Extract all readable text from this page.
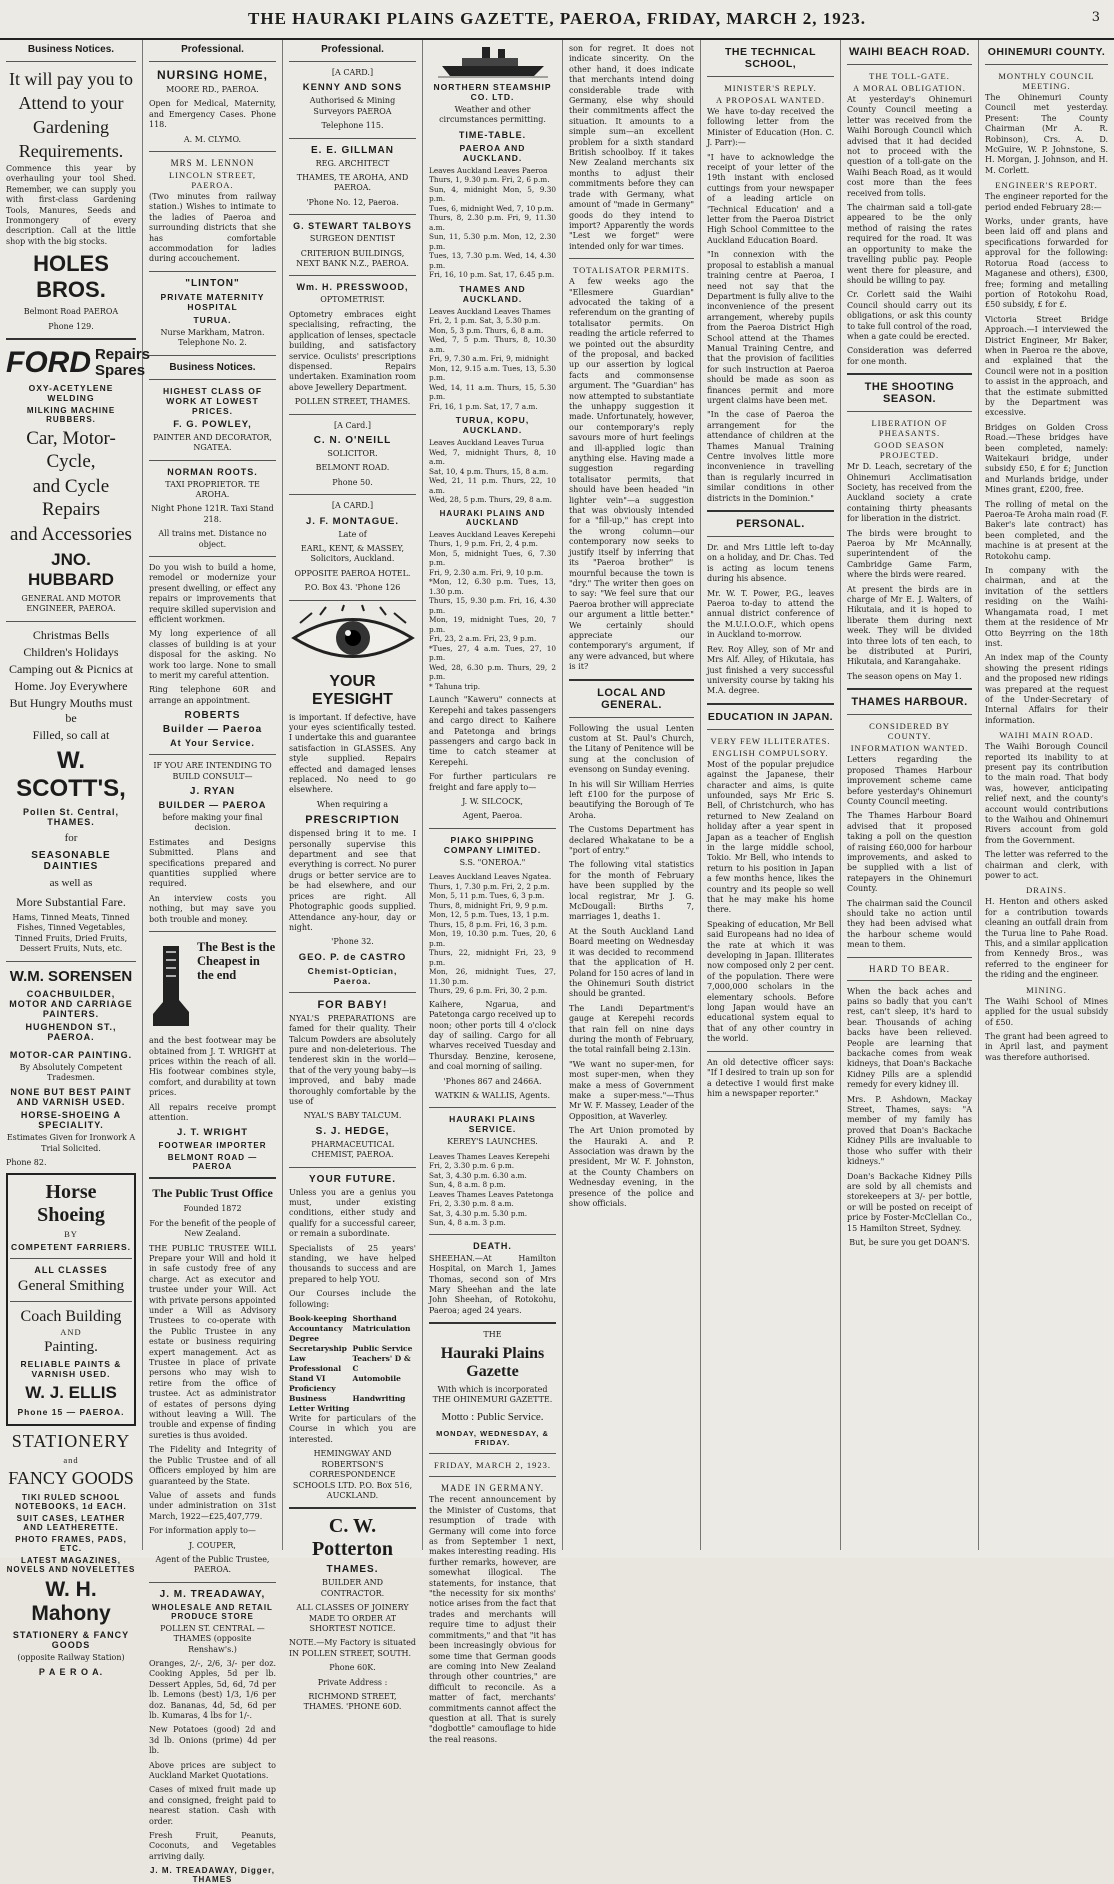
THE HAURAKI PLAINS GAZETTE, PAEROA, FRIDAY, MARCH 2, 1923.	3
Business Notices.
It will pay you to
Attend to your
Gardening
Requirements.

Commence this year by overhauling your tool Shed. Remember, we can supply you with first-class Gardening Tools, Manures, Seeds and Ironmongery of every description. Call at the little shop with the big stocks.

HOLES BROS.

Belmont Road PAEROA

Phone 129.

FORD Repairs
Spares
OXY-ACETYLENE WELDING
MILKING MACHINE RUBBERS.
Car, Motor-Cycle,
and Cycle Repairs
and Accessories
JNO. HUBBARD

GENERAL AND MOTOR ENGINEER, PAEROA.

Christmas Bells
Children's Holidays
Camping out & Picnics at
Home. Joy Everywhere
But Hungry Mouths must be
Filled, so call at
W. SCOTT'S,
Pollen St. Central, THAMES.
for
SEASONABLE DAINTIES
as well as
More Substantial Fare.

Hams, Tinned Meats, Tinned Fishes, Tinned Vegetables, Tinned Fruits, Dried Fruits, Dessert Fruits, Nuts, etc.

W.M. SORENSEN
COACHBUILDER, MOTOR AND CARRIAGE PAINTERS.
HUGHENDON ST., PAEROA.
MOTOR-CAR PAINTING.

By Absolutely Competent Tradesmen.

NONE BUT BEST PAINT AND VARNISH USED.
HORSE-SHOEING A SPECIALITY.

Estimates Given for Ironwork A Trial Solicited.

Phone 82.

Horse Shoeing
BY
COMPETENT FARRIERS.
ALL CLASSES
General Smithing
Coach Building
AND
Painting.
RELIABLE PAINTS & VARNISH USED.
W. J. ELLIS
Phone 15 — PAEROA.
STATIONERY
and
FANCY GOODS
TIKI RULED SCHOOL NOTEBOOKS, 1d EACH.
SUIT CASES, LEATHER AND LEATHERETTE.
PHOTO FRAMES, PADS, ETC.
LATEST MAGAZINES, NOVELS AND NOVELETTES
W. H. Mahony
STATIONERY & FANCY GOODS

(opposite Railway Station)

P A E R O A.
Professional.
NURSING HOME,

MOORE RD., PAEROA.

Open for Medical, Maternity, and Emergency Cases. Phone 118.

A. M. CLYMO.

MRS M. LENNON
LINCOLN STREET, PAEROA.

(Two minutes from railway station.) Wishes to intimate to the ladies of Paeroa and surrounding districts that she has comfortable accommodation for ladies during accouchement.

"LINTON"
PRIVATE MATERNITY HOSPITAL
TURUA.

Nurse Markham, Matron. Telephone No. 2.

Business Notices.
HIGHEST CLASS OF WORK AT LOWEST PRICES.
F. G. POWLEY,

PAINTER AND DECORATOR, NGATEA.

NORMAN ROOTS.

TAXI PROPRIETOR. TE AROHA.

Night Phone 121R. Taxi Stand 218.

All trains met. Distance no object.

Do you wish to build a home, remodel or modernize your present dwelling, or effect any repairs or improvements that require skilled supervision and efficient workmen.

My long experience of all classes of building is at your disposal for the asking. No work too large. None to small to merit my careful attention.

Ring telephone 60R and arrange an appointment.

ROBERTS
Builder — Paeroa
At Your Service.

IF YOU ARE INTENDING TO BUILD CONSULT—

J. RYAN
BUILDER — PAEROA

before making your final decision.

Estimates and Designs Submitted. Plans and specifications prepared and quantities supplied where required.

An interview costs you nothing, but may save you both trouble and money.

The Best is the Cheapest in the end

and the best footwear may be obtained from J. T. WRIGHT at prices within the reach of all. His footwear combines style, comfort, and durability at town prices.

All repairs receive prompt attention.

J. T. WRIGHT
FOOTWEAR IMPORTER
BELMONT ROAD — PAEROA
The Public Trust Office

Founded 1872

For the benefit of the people of New Zealand.

THE PUBLIC TRUSTEE WILL Prepare your Will and hold it in safe custody free of any charge. Act as executor and trustee under your Will. Act with private persons appointed under a Will as Advisory Trustees to co-operate with the Public Trustee in any estate or business requiring expert management. Act as Trustee in place of private persons who may wish to retire from the office of trustee. Act as administrator of estates of persons dying without leaving a Will. The trouble and expense of finding sureties is thus avoided.

The Fidelity and Integrity of the Public Trustee and of all Officers employed by him are guaranteed by the State.

Value of assets and funds under administration on 31st March, 1922—£25,407,779.

For information apply to—

J. COUPER,

Agent of the Public Trustee, PAEROA.

J. M. TREADAWAY,
WHOLESALE AND RETAIL PRODUCE STORE

POLLEN ST. CENTRAL — THAMES (opposite Renshaw's.)

Oranges, 2/-, 2/6, 3/- per doz. Cooking Apples, 5d per lb. Dessert Apples, 5d, 6d, 7d per lb. Lemons (best) 1/3, 1/6 per doz. Bananas, 4d, 5d, 6d per lb. Kumaras, 4 lbs for 1/-.

New Potatoes (good) 2d and 3d lb. Onions (prime) 4d per lb.

Above prices are subject to Auckland Market Quotations.

Cases of mixed fruit made up and consigned, freight paid to nearest station. Cash with order.

Fresh Fruit, Peanuts, Coconuts, and Vegetables arriving daily.

J. M. TREADAWAY, Digger, THAMES
Professional.

[A CARD.]

KENNY AND SONS

Authorised & Mining Surveyors PAEROA

Telephone 115.

E. E. GILLMAN

REG. ARCHITECT

THAMES, TE AROHA, AND PAEROA.

'Phone No. 12, Paeroa.

G. STEWART TALBOYS

SURGEON DENTIST

CRITERION BUILDINGS, NEXT BANK N.Z., PAEROA.

Wm. H. PRESSWOOD,

OPTOMETRIST.

Optometry embraces eight specialising, refracting, the application of lenses, spectacle building, and satisfactory service. Oculists' prescriptions dispensed. Repairs undertaken. Examination room above Jewellery Department.

POLLEN STREET, THAMES.

[A Card.]

C. N. O'NEILL

SOLICITOR.

BELMONT ROAD.

Phone 50.

[A CARD.]

J. F. MONTAGUE.

Late of

EARL, KENT, & MASSEY, Solicitors, Auckland.

OPPOSITE PAEROA HOTEL.

P.O. Box 43. 'Phone 126

YOUR EYESIGHT

is important. If defective, have your eyes scientifically tested. I undertake this and guarantee satisfaction in GLASSES. Any style supplied. Repairs effected and damaged lenses replaced. No need to go elsewhere.

When requiring a

PRESCRIPTION

dispensed bring it to me. I personally supervise this department and see that everything is correct. No purer drugs or better service are to be had elsewhere, and our prices are right. All Photographic goods supplied. Attendance any-hour, day or night.

'Phone 32.

GEO. P. de CASTRO
Chemist-Optician, Paeroa.
FOR BABY!

NYAL'S PREPARATIONS are famed for their quality. Their Talcum Powders are absolutely pure and non-deleterious. The tenderest skin in the world—that of the very young baby—is improved, and baby made thoroughly comfortable by the use of

NYAL'S BABY TALCUM.

S. J. HEDGE,

PHARMACEUTICAL CHEMIST, PAEROA.

YOUR FUTURE.

Unless you are a genius you must, under existing conditions, either study and qualify for a successful career, or remain a subordinate.

Specialists of 25 years' standing, we have helped thousands to success and are prepared to help YOU.

Our Courses include the following:

Book-keeping Shorthand
Accountancy Degree
Matriculation
Secretaryship Public Service
Law Professional
Teachers' D & C
Stand VI Proficiency
Automobile
Business Letter Writing
Handwriting

Write for particulars of the Course in which you are interested.

HEMINGWAY AND ROBERTSON'S CORRESPONDENCE SCHOOLS LTD. P.O. Box 516, AUCKLAND.

C. W. Potterton
THAMES.

BUILDER AND CONTRACTOR.

ALL CLASSES OF JOINERY MADE TO ORDER AT SHORTEST NOTICE.

NOTE.—My Factory is situated IN POLLEN STREET, SOUTH.

Phone 60K.

Private Address :

RICHMOND STREET, THAMES. 'PHONE 60D.

NORTHERN STEAMSHIP CO. LTD.

Weather and other circumstances permitting.

TIME-TABLE.
PAEROA AND AUCKLAND.

Leaves Auckland Leaves Paeroa
Thurs, 1, 9.30 p.m. Fri, 2, 6 p.m.
Sun, 4, midnight Mon, 5, 9.30 p.m.
Tues, 6, midnight Wed, 7, 10 p.m.
Thurs, 8, 2.30 p.m. Fri, 9, 11.30 a.m.
Sun, 11, 5.30 p.m. Mon, 12, 2.30 p.m.
Tues, 13, 7.30 p.m. Wed, 14, 4.30 p.m.
Fri, 16, 10 p.m. Sat, 17, 6.45 p.m.

THAMES AND AUCKLAND.

Leaves Auckland Leaves Thames
Fri, 2, 1 p.m. Sat, 3, 5.30 p.m.
Mon, 5, 3 p.m. Thurs, 6, 8 a.m.
Wed, 7, 5 p.m. Thurs, 8, 10.30 a.m.
Fri, 9, 7.30 a.m. Fri, 9, midnight
Mon, 12, 9.15 a.m. Tues, 13, 5.30 p.m.
Wed, 14, 11 a.m. Thurs, 15, 5.30 p.m.
Fri, 16, 1 p.m. Sat, 17, 7 a.m.

TURUA, KOPU, AUCKLAND.

Leaves Auckland Leaves Turua
Wed, 7, midnight Thurs, 8, 10 a.m.
Sat, 10, 4 p.m. Thurs, 15, 8 a.m.
Wed, 21, 11 p.m. Thurs, 22, 10 a.m.
Wed, 28, 5 p.m. Thurs, 29, 8 a.m.

HAURAKI PLAINS AND AUCKLAND

Leaves Auckland Leaves Kerepehi
Thurs, 1, 9 p.m. Fri, 2, 4 p.m.
Mon, 5, midnight Tues, 6, 7.30 p.m.
Fri, 9, 2.30 a.m. Fri, 9, 10 p.m.
*Mon, 12, 6.30 p.m. Tues, 13, 1.30 p.m.
Thurs, 15, 9.30 p.m. Fri, 16, 4.30 p.m.
Mon, 19, midnight Tues, 20, 7 p.m.
Fri, 23, 2 a.m. Fri, 23, 9 p.m.
*Tues, 27, 4 a.m. Tues, 27, 10 p.m.
Wed, 28, 6.30 p.m. Thurs, 29, 2 p.m.
* Tahuna trip.

Launch "Kaweru" connects at Kerepehi and takes passengers and cargo direct to Kaihere and Patetonga and brings passengers and cargo back in time to catch steamer at Kerepehi.

For further particulars re freight and fare apply to—

J. W. SILCOCK,

Agent, Paeroa.

PIAKO SHIPPING COMPANY LIMITED.

S.S. "ONEROA."

Leaves Auckland Leaves Ngatea.
Thurs, 1, 7.30 p.m. Fri, 2, 2 p.m.
Mon, 5, 11 p.m. Tues, 6, 3 p.m.
Thurs, 8, midnight Fri, 9, 9 p.m.
Mon, 12, 5 p.m. Tues, 13, 1 p.m.
Thurs, 15, 8 p.m. Fri, 16, 3 p.m.
Mon, 19, 10.30 p.m. Tues, 20, 6 p.m.
Thurs, 22, midnight Fri, 23, 9 p.m.
Mon, 26, midnight Tues, 27, 11.30 p.m.
Thurs, 29, 6 p.m. Fri, 30, 2 p.m.

Kaihere, Ngarua, and Patetonga cargo received up to noon; other ports till 4 o'clock day of sailing. Cargo for all wharves received Tuesday and Thursday. Benzine, kerosene, and coal morning of sailing.

'Phones 867 and 2466A.

WATKIN & WALLIS, Agents.

HAURAKI PLAINS SERVICE.

KEREY'S LAUNCHES.

Leaves Thames Leaves Kerepehi
Fri, 2, 3.30 p.m. 6 p.m.
Sat, 3, 4.30 p.m. 6.30 a.m.
Sun, 4, 8 a.m. 8 p.m.
Leaves Thames Leaves Patetonga
Fri, 2, 3.30 p.m. 8 a.m.
Sat, 3, 4.30 p.m. 5.30 p.m.
Sun, 4, 8 a.m. 3 p.m.

DEATH.

SHEEHAN.—At Hamilton Hospital, on March 1, James Thomas, second son of Mrs Mary Sheehan and the late John Sheehan, of Rotokohu, Paeroa; aged 24 years.

THE

Hauraki Plains Gazette

With which is incorporated THE OHINEMURI GAZETTE.

Motto : Public Service.
MONDAY, WEDNESDAY, & FRIDAY.
FRIDAY, MARCH 2, 1923.
MADE IN GERMANY.

The recent announcement by the Minister of Customs, that resumption of trade with Germany will come into force as from September 1 next, makes interesting reading. His further remarks, however, are somewhat illogical. The statements, for instance, that "the necessity for six months' notice arises from the fact that trades and merchants will require time to adjust their commitments," and that "it has been increasingly obvious for some time that German goods are coming into New Zealand through other countries," are difficult to reconcile. As a matter of fact, merchants' commitments cannot affect the question at all. That is surely "dogbottle" camouflage to hide the real reasons.

son for regret. It does not indicate sincerity. On the other hand, it does indicate that merchants intend doing considerable trade with Germany, else why should their commitments affect the situation. It amounts to a simple sum—an excellent problem for a sixth standard British schoolboy. If it takes New Zealand merchants six months to adjust their commitments before they can trade with Germany, what amount of "made in Germany" goods do they intend to import? Apparently the words "Lest we forget" were intended only for war times.

TOTALISATOR PERMITS.

A few weeks ago the "Ellesmere Guardian" advocated the taking of a referendum on the granting of totalisator permits. On reading the article referred to we pointed out the absurdity of the proposal, and backed up our assertion by logical facts and commonsense argument. The "Guardian" has now attempted to substantiate the unhappy suggestion it made. Unfortunately, however, our contemporary's reply savours more of hurt feelings and ill-applied logic than anything else. Having made a suggestion regarding totalisator permits, that should have been headed "in lighter vein"—a suggestion that was obviously intended for a "fill-up," has crept into the wrong column—our contemporary now seeks to justify itself by inferring that its "Paeroa brother" is mournful because the town is "dry." The writer then goes on to say: "We feel sure that our Paeroa brother will appreciate our argument a little better." We certainly should appreciate our contemporary's argument, if any were advanced, but where is it?

LOCAL AND GENERAL.

Following the usual Lenten custom at St. Paul's Church, the Litany of Penitence will be sung at the conclusion of evensong on Sunday evening.

In his will Sir William Herries left £100 for the purpose of beautifying the Borough of Te Aroha.

The Customs Department has declared Whakatane to be a "port of entry."

The following vital statistics for the month of February have been supplied by the local registrar, Mr J. G. McDougall: Births 7, marriages 1, deaths 1.

At the South Auckland Land Board meeting on Wednesday it was decided to recommend that the application of H. Poland for 150 acres of land in the Ohinemuri South district should be granted.

The Landi Department's gauge at Kerepehi records that rain fell on nine days during the month of February, the total rainfall being 2.13in.

"We want no super-men, for most super-men, when they make a mess of Government make a super-mess."—Thus Mr W. F. Massey, Leader of the Opposition, at Waverley.

The Art Union promoted by the Hauraki A. and P. Association was drawn by the president, Mr W. F. Johnston, at the County Chambers on Wednesday evening, in the presence of the police and show officials.

THE TECHNICAL SCHOOL,
MINISTER'S REPLY.
A PROPOSAL WANTED.

We have to-day received the following letter from the Minister of Education (Hon. C. J. Parr):—

"I have to acknowledge the receipt of your letter of the 19th instant with enclosed cuttings from your newspaper of a leading article on 'Technical Education' and a letter from the Paeroa District High School Committee to the Auckland Education Board.

"In connexion with the proposal to establish a manual training centre at Paeroa, I need not say that the Department is fully alive to the inconvenience of the present arrangement, whereby pupils from the Paeroa District High School attend at the Thames Manual Training Centre, and that the provision of facilities for such instruction at Paeroa should be made as soon as finances permit and more urgent claims have been met.

"In the case of Paeroa the arrangement for the attendance of children at the Thames Manual Training Centre involves little more inconvenience in travelling than is regularly incurred in similar conditions in other districts in the Dominion."

PERSONAL.

Dr. and Mrs Little left to-day on a holiday, and Dr. Chas. Ted is acting as locum tenens during his absence.

Mr. W. T. Power, P.G., leaves Paeroa to-day to attend the annual district conference of the M.U.I.O.O.F., which opens in Auckland to-morrow.

Rev. Roy Alley, son of Mr and Mrs Alf. Alley, of Hikutaia, has just finished a very successful university course by taking his M.A. degree.

EDUCATION IN JAPAN.
VERY FEW ILLITERATES.
ENGLISH COMPULSORY.

Most of the popular prejudice against the Japanese, their character and aims, is quite unfounded, says Mr Eric S. Bell, of Christchurch, who has returned to New Zealand on holiday after a year spent in Japan as a teacher of English in the large middle school, Tokio. Mr Bell, who intends to return to his position in Japan a few months hence, likes the country and its people so well that he may make his home there.

Speaking of education, Mr Bell said Europeans had no idea of the rate at which it was developing in Japan. Illiterates now composed only 2 per cent. of the population. There were 7,000,000 scholars in the elementary schools. Before long Japan would have an educational system equal to that of any other country in the world.

An old detective officer says: "If I desired to train up son for a detective I would first make him a newspaper reporter."

WAIHI BEACH ROAD.
THE TOLL-GATE.
A MORAL OBLIGATION.

At yesterday's Ohinemuri County Council meeting a letter was received from the Waihi Borough Council which advised that it had decided not to proceed with the question of a toll-gate on the Waihi Beach Road, as it would cost more than the fees received from tolls.

The chairman said a toll-gate appeared to be the only method of raising the rates required for the road. It was an opportunity to make the travelling public pay. People went there for pleasure, and should be willing to pay.

Cr. Corlett said the Waihi Council should carry out its obligations, or ask this county to take full control of the road, when a gate could be erected.

Consideration was deferred for one month.

THE SHOOTING SEASON.
LIBERATION OF PHEASANTS.
GOOD SEASON PROJECTED.

Mr D. Leach, secretary of the Ohinemuri Acclimatisation Society, has received from the Auckland society a crate containing thirty pheasants for liberation in the district.

The birds were brought to Paeroa by Mr McAnnally, superintendent of the Cambridge Game Farm, where the birds were reared.

At present the birds are in charge of Mr E. J. Walters, of Hikutaia, and it is hoped to liberate them during next week. They will be divided into three lots of ten each, to be distributed at Puriri, Hikutaia, and Karangahake.

The season opens on May 1.

THAMES HARBOUR.
CONSIDERED BY COUNTY.
INFORMATION WANTED.

Letters regarding the proposed Thames Harbour improvement scheme came before yesterday's Ohinemuri County Council meeting.

The Thames Harbour Board advised that it proposed taking a poll on the question of raising £60,000 for harbour improvements, and asked to be supplied with a list of ratepayers in the Ohinemuri County.

The chairman said the Council should take no action until they had been advised what the harbour scheme would mean to them.

HARD TO BEAR.

When the back aches and pains so badly that you can't rest, can't sleep, it's hard to bear. Thousands of aching backs have been relieved. People are learning that backache comes from weak kidneys, that Doan's Backache Kidney Pills are a splendid remedy for every kidney ill.

Mrs. P. Ashdown, Mackay Street, Thames, says: "A member of my family has proved that Doan's Backache Kidney Pills are invaluable to those who suffer with their kidneys."

Doan's Backache Kidney Pills are sold by all chemists and storekeepers at 3/- per bottle, or will be posted on receipt of price by Foster-McClellan Co., 15 Hamilton Street, Sydney.

But, be sure you get DOAN'S.

OHINEMURI COUNTY.
MONTHLY COUNCIL MEETING.

The Ohinemuri County Council met yesterday. Present: The County Chairman (Mr A. R. Robinson), Crs. A. D. McGuire, W. P. Johnstone, S. H. Morgan, J. Johnson, and H. M. Corlett.

ENGINEER'S REPORT.

The engineer reported for the period ended February 28:—

Works, under grants, have been laid off and plans and specifications forwarded for approval for the following: Rotorua Road (access to Maganese and others), £300, free; forming and metalling portion of Rotokohu Road, £50 subsidy, £ for £.

Victoria Street Bridge Approach.—I interviewed the District Engineer, Mr Baker, when in Paeroa re the above, and explained that the Council were not in a position to assist in the approach, and that the estimate submitted by the Department was excessive.

Bridges on Golden Cross Road.—These bridges have been completed, namely: Waitekauri bridge, under subsidy £50, £ for £; Junction and Murlands bridge, under Mines grant, £200, free.

The rolling of metal on the Paeroa-Te Aroha main road (F. Baker's late contract) has been completed, and the machine is at present at the Rotokohu camp.

In company with the chairman, and at the invitation of the settlers residing on the Waihi-Whangamata road, I met them at the residence of Mr Otto Beyrring on the 18th inst.

An index map of the County showing the present ridings and the proposed new ridings was prepared at the request of the Under-Secretary of Internal Affairs for their information.

WAIHI MAIN ROAD.

The Waihi Borough Council reported its inability to at present pay its contribution to the main road. That body was, however, anticipating relief next, and the county's account would contributions to the Waihou and Ohinemuri Rivers account from gold from the Government.

The letter was referred to the chairman and clerk, with power to act.

DRAINS.

H. Henton and others asked for a contribution towards cleaning an outfall drain from the Turua line to Pahe Road. This, and a similar application from Kennedy Bros., was referred to the engineer for the riding and the engineer.

MINING.

The Waihi School of Mines applied for the usual subsidy of £50.

The grant had been agreed to in April last, and payment was therefore authorised.
